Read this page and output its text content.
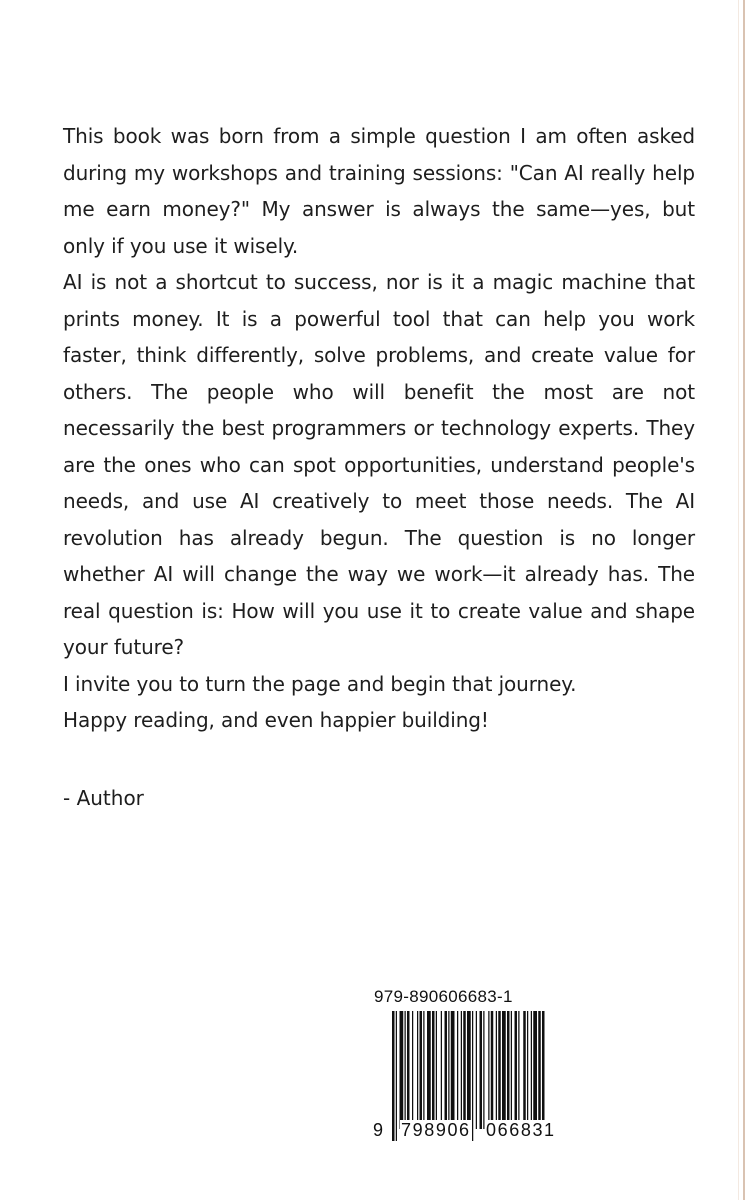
This book was born from a simple question I am often asked during my workshops and training sessions: "Can AI really help me earn money?" My answer is always the same—yes, but only if you use it wisely.

AI is not a shortcut to success, nor is it a magic machine that prints money. It is a powerful tool that can help you work faster, think differently, solve problems, and create value for others. The people who will benefit the most are not necessarily the best programmers or technology experts. They are the ones who can spot opportunities, understand people's needs, and use AI creatively to meet those needs. The AI revolution has already begun. The question is no longer whether AI will change the way we work—it already has. The real question is: How will you use it to create value and shape your future?

I invite you to turn the page and begin that journey.

Happy reading, and even happier building!

- Author

979-890606683-1
9 798906 066831
